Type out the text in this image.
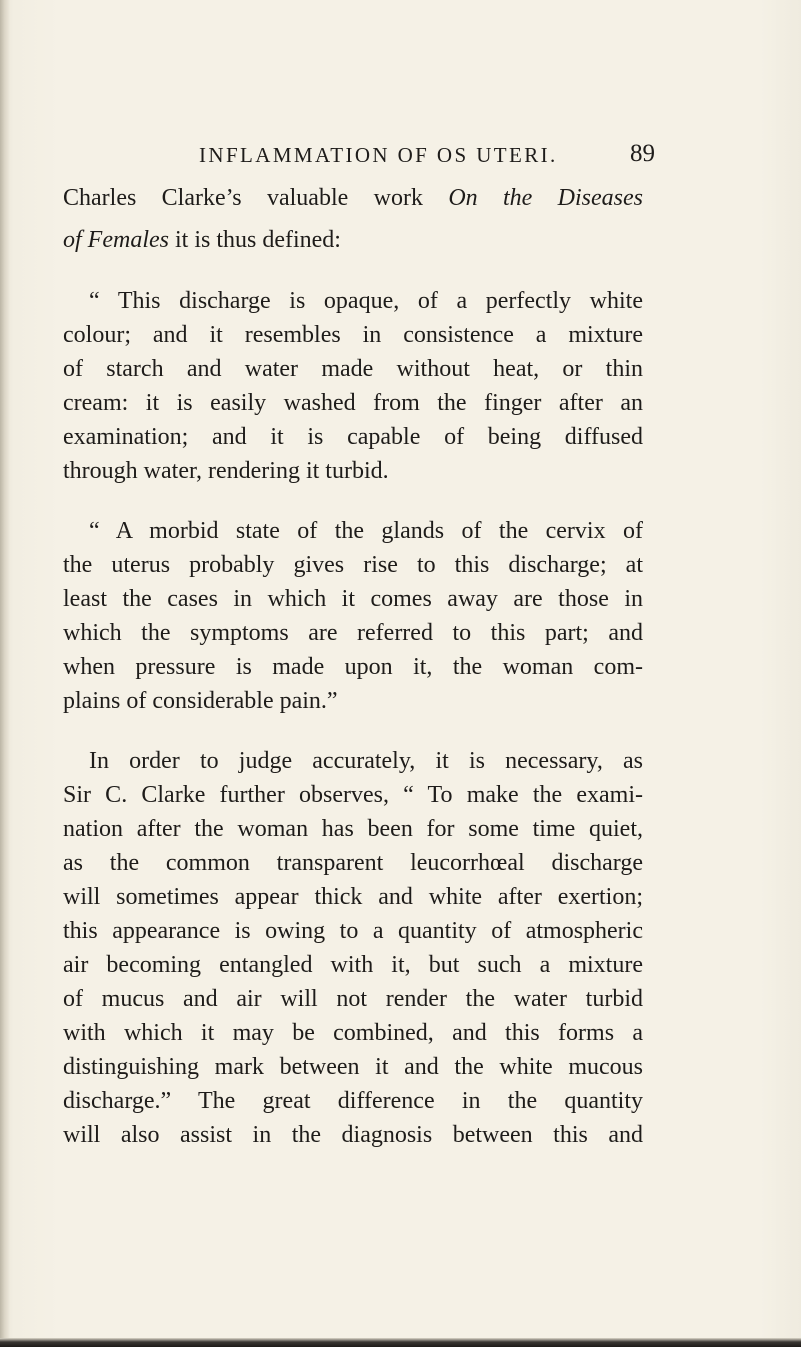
INFLAMMATION OF OS UTERI.	89
Charles Clarke’s valuable work On the Diseases
of Females it is thus defined:
“ This discharge is opaque, of a perfectly white
colour; and it resembles in consistence a mixture
of starch and water made without heat, or thin
cream: it is easily washed from the finger after an
examination; and it is capable of being diffused
through water, rendering it turbid.
“ A morbid state of the glands of the cervix of
the uterus probably gives rise to this discharge; at
least the cases in which it comes away are those in
which the symptoms are referred to this part; and
when pressure is made upon it, the woman com-
plains of considerable pain.”
In order to judge accurately, it is necessary, as
Sir C. Clarke further observes, “ To make the exami-
nation after the woman has been for some time quiet,
as the common transparent leucorrhœal discharge
will sometimes appear thick and white after exertion;
this appearance is owing to a quantity of atmospheric
air becoming entangled with it, but such a mixture
of mucus and air will not render the water turbid
with which it may be combined, and this forms a
distinguishing mark between it and the white mucous
discharge.” The great difference in the quantity
will also assist in the diagnosis between this and
